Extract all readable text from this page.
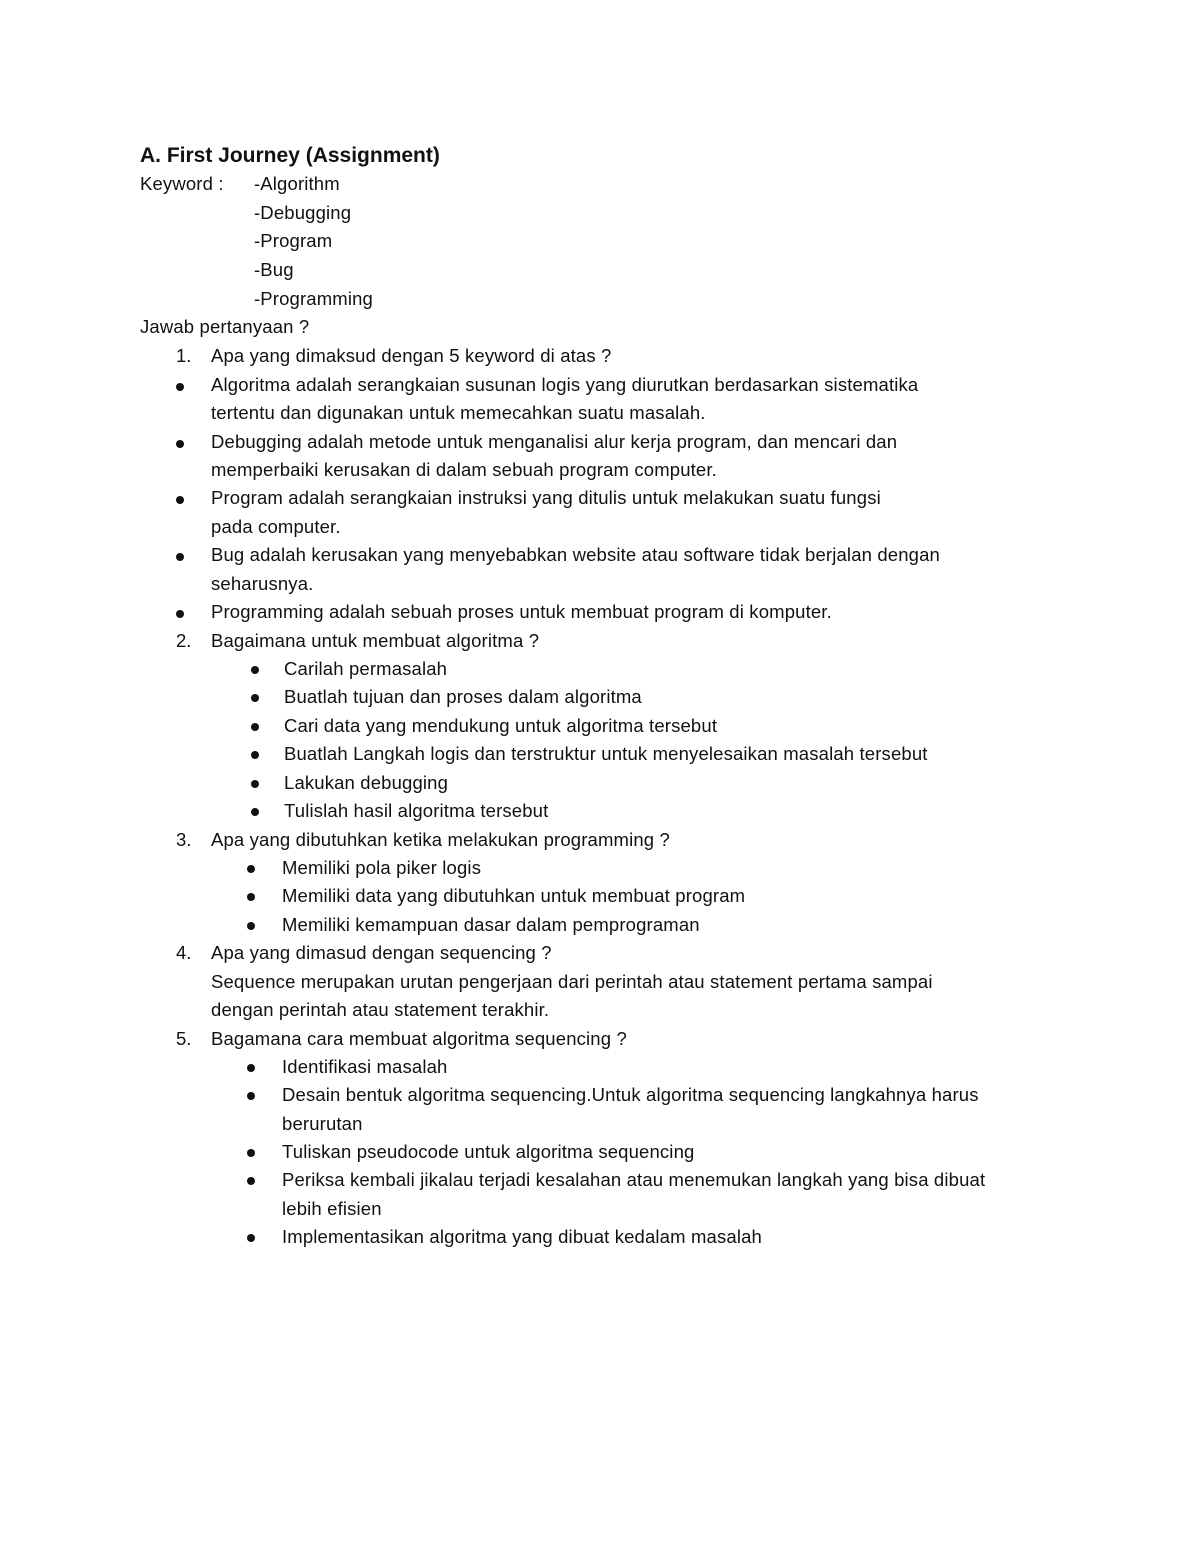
A. First Journey (Assignment)
Keyword : -Algorithm
-Debugging
-Program
-Bug
-Programming
Jawab pertanyaan ?
1. Apa yang dimaksud dengan 5 keyword di atas ?
Algoritma adalah serangkaian susunan logis yang diurutkan berdasarkan sistematika
tertentu dan digunakan untuk memecahkan suatu masalah.
Debugging adalah metode untuk menganalisi alur kerja program, dan mencari dan
memperbaiki kerusakan di dalam sebuah program computer.
Program adalah serangkaian instruksi yang ditulis untuk melakukan suatu fungsi
pada computer.
Bug adalah kerusakan yang menyebabkan website atau software tidak berjalan dengan
seharusnya.
Programming adalah sebuah proses untuk membuat program di komputer.
2. Bagaimana untuk membuat algoritma ?
Carilah permasalah
Buatlah tujuan dan proses dalam algoritma
Cari data yang mendukung untuk algoritma tersebut
Buatlah Langkah logis dan terstruktur untuk menyelesaikan masalah tersebut
Lakukan debugging
Tulislah hasil algoritma tersebut
3. Apa yang dibutuhkan ketika melakukan programming ?
Memiliki pola piker logis
Memiliki data yang dibutuhkan untuk membuat program
Memiliki kemampuan dasar dalam pemprograman
4. Apa yang dimasud dengan sequencing ?
Sequence merupakan urutan pengerjaan dari perintah atau statement pertama sampai
dengan perintah atau statement terakhir.
5. Bagamana cara membuat algoritma sequencing ?
Identifikasi masalah
Desain bentuk algoritma sequencing.Untuk algoritma sequencing langkahnya harus
berurutan
Tuliskan pseudocode untuk algoritma sequencing
Periksa kembali jikalau terjadi kesalahan atau menemukan langkah yang bisa dibuat
lebih efisien
Implementasikan algoritma yang dibuat kedalam masalah
